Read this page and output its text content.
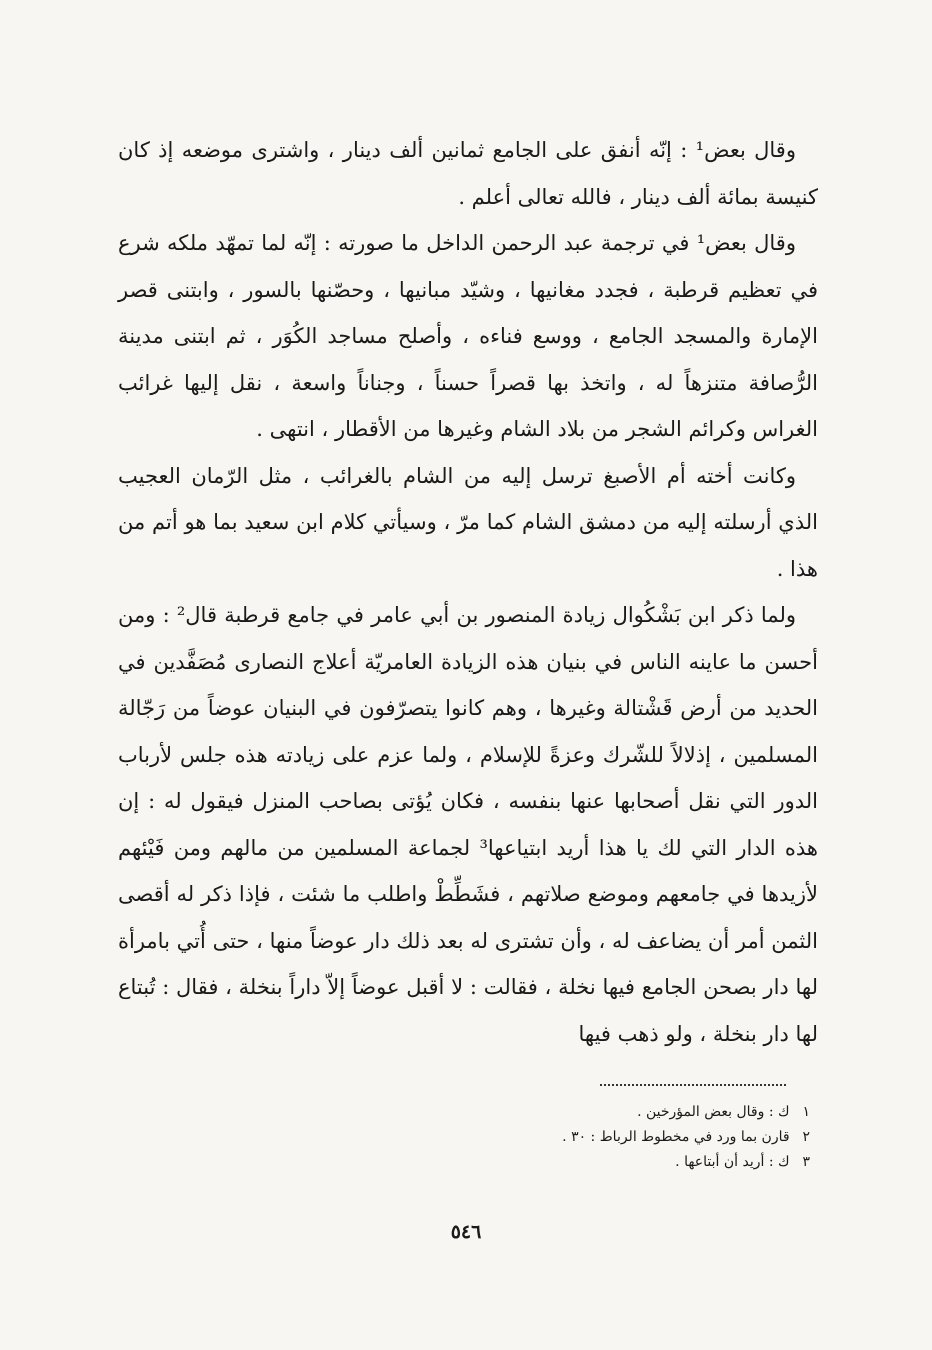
وقال بعض¹ : إنّه أنفق على الجامع ثمانين ألف دينار ، واشترى موضعه إذ كان كنيسة بمائة ألف دينار ، فالله تعالى أعلم .

وقال بعض¹ في ترجمة عبد الرحمن الداخل ما صورته : إنّه لما تمهّد ملكه شرع في تعظيم قرطبة ، فجدد مغانيها ، وشيّد مبانيها ، وحصّنها بالسور ، وابتنى قصر الإمارة والمسجد الجامع ، ووسع فناءه ، وأصلح مساجد الكُوَر ، ثم ابتنى مدينة الرُّصافة متنزهاً له ، واتخذ بها قصراً حسناً ، وجناناً واسعة ، نقل إليها غرائب الغراس وكرائم الشجر من بلاد الشام وغيرها من الأقطار ، انتهى .

وكانت أخته أم الأصبغ ترسل إليه من الشام بالغرائب ، مثل الرّمان العجيب الذي أرسلته إليه من دمشق الشام كما مرّ ، وسيأتي كلام ابن سعيد بما هو أتم من هذا .

ولما ذكر ابن بَشْكُوال زيادة المنصور بن أبي عامر في جامع قرطبة قال² : ومن أحسن ما عاينه الناس في بنيان هذه الزيادة العامريّة أعلاج النصارى مُصَفَّدين في الحديد من أرض قَشْتالة وغيرها ، وهم كانوا يتصرّفون في البنيان عوضاً من رَجّالة المسلمين ، إذلالاً للشّرك وعزةً للإسلام ، ولما عزم على زيادته هذه جلس لأرباب الدور التي نقل أصحابها عنها بنفسه ، فكان يُؤتى بصاحب المنزل فيقول له : إن هذه الدار التي لك يا هذا أريد ابتياعها³ لجماعة المسلمين من مالهم ومن فَيْئهم لأزيدها في جامعهم وموضع صلاتهم ، فشَطِّطْ واطلب ما شئت ، فإذا ذكر له أقصى الثمن أمر أن يضاعف له ، وأن تشترى له بعد ذلك دار عوضاً منها ، حتى أُتي بامرأة لها دار بصحن الجامع فيها نخلة ، فقالت : لا أقبل عوضاً إلاّ داراً بنخلة ، فقال : تُبتاع لها دار بنخلة ، ولو ذهب فيها

١ ك : وقال بعض المؤرخين .
٢ قارن بما ورد في مخطوط الرباط : ٣٠ .
٣ ك : أريد أن أبتاعها .
٥٤٦
